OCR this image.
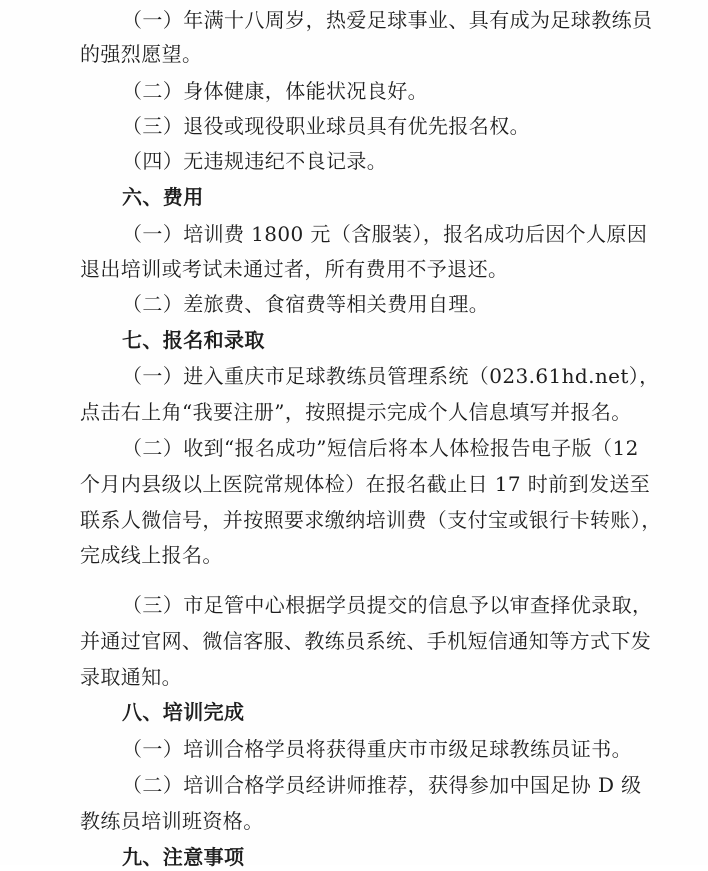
（一）年满十八周岁，热爱足球事业、具有成为足球教练员
的强烈愿望。
（二）身体健康，体能状况良好。
（三）退役或现役职业球员具有优先报名权。
（四）无违规违纪不良记录。
六、费用
（一）培训费 1800 元（含服装），报名成功后因个人原因
退出培训或考试未通过者，所有费用不予退还。
（二）差旅费、食宿费等相关费用自理。
七、报名和录取
（一）进入重庆市足球教练员管理系统（023.61hd.net），
点击右上角“我要注册”，按照提示完成个人信息填写并报名。
（二）收到“报名成功”短信后将本人体检报告电子版（12
个月内县级以上医院常规体检）在报名截止日 17 时前到发送至
联系人微信号，并按照要求缴纳培训费（支付宝或银行卡转账），
完成线上报名。
（三）市足管中心根据学员提交的信息予以审查择优录取，
并通过官网、微信客服、教练员系统、手机短信通知等方式下发
录取通知。
八、培训完成
（一）培训合格学员将获得重庆市市级足球教练员证书。
（二）培训合格学员经讲师推荐，获得参加中国足协 D 级
教练员培训班资格。
九、注意事项
